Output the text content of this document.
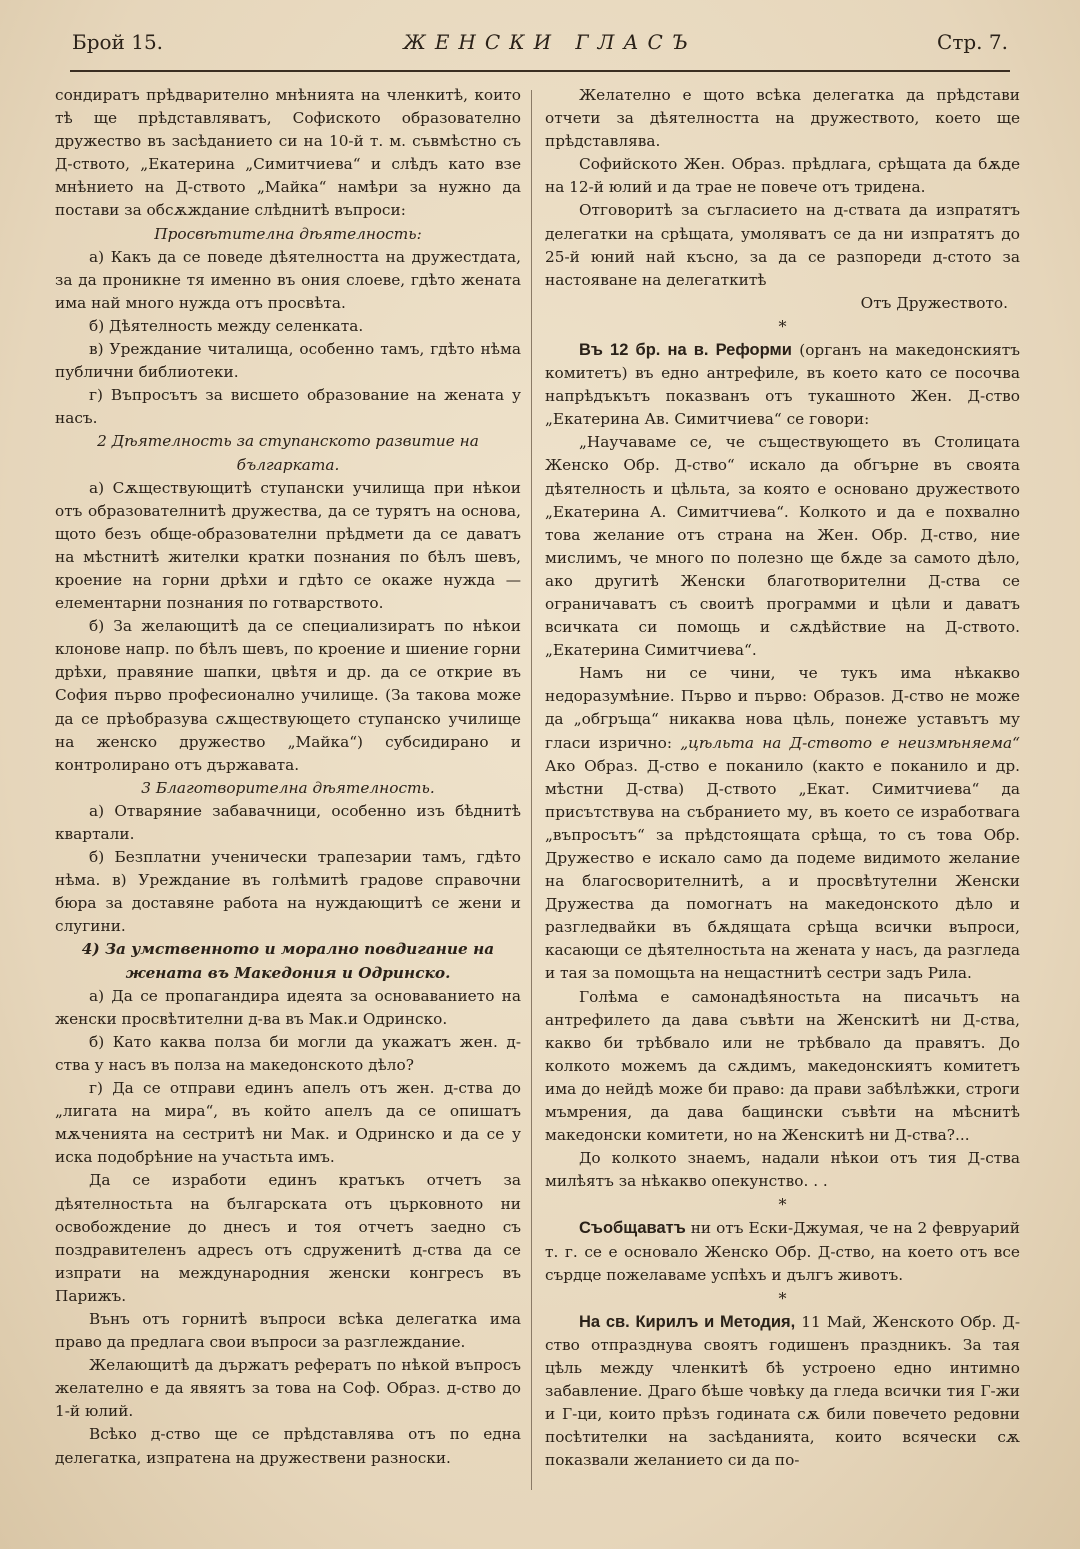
Брой 15.	ЖЕНСКИ ГЛАСЪ	Стр. 7.

сондиратъ прѣдварително мнѣнията на членкитѣ, които тѣ ще прѣдставляватъ, Софиското образователно дружество въ засѣданието си на 10-й т. м. съвмѣстно съ Д-ството, „Екатерина „Симитчиева“ и слѣдъ като взе мнѣнието на Д-ството „Майка“ намѣри за нужно да постави за обсѫждание слѣднитѣ въпроси:

Просвѣтителна дѣятелность:

а) Какъ да се поведе дѣятелността на дружестдата, за да проникне тя именно въ ония слоеве, гдѣто жената има най много нужда отъ просвѣта.

б) Дѣятелность между селенката.

в) Уреждание читалища, особенно тамъ, гдѣто нѣма публични библиотеки.

г) Въпросътъ за висшето образование на жената у насъ.

2 Дѣятелность за ступанското развитие на българката.

а) Сѫществующитѣ ступански училища при нѣкои отъ образователнитѣ дружества, да се турятъ на основа, щото безъ обще-образователни прѣдмети да се даватъ на мѣстнитѣ жителки кратки познания по бѣлъ шевъ, кроение на горни дрѣхи и гдѣто се окаже нужда — елементарни познания по готварството.

б) За желающитѣ да се специализиратъ по нѣкои клонове напр. по бѣлъ шевъ, по кроение и шиение горни дрѣхи, правяние шапки, цвѣтя и др. да се открие въ София първо професионално училище. (За такова може да се прѣобразува сѫществующето ступанско училище на женско дружество „Майка“) субсидирано и контролирано отъ държавата.

3 Благотворителна дѣятелность.

а) Отваряние забавачници, особенно изъ бѣднитѣ квартали.

б) Безплатни ученически трапезарии тамъ, гдѣто нѣма. в) Уреждание въ голѣмитѣ градове справочни бюра за доставяне работа на нуждающитѣ се жени и слугини.

4) За умственното и морално повдигание на жената въ Македония и Одринско.

а) Да се пропагандира идеята за основаванието на женски просвѣтителни д-ва въ Мак.и Одринско.

б) Като каква полза би могли да укажатъ жен. д-ства у насъ въ полза на македонското дѣло?

г) Да се отправи единъ апелъ отъ жен. д-ства до „лигата на мира“, въ който апелъ да се опишатъ мѫченията на сестритѣ ни Мак. и Одринско и да се у иска подобрѣние на участьта имъ.

Да се изработи единъ кратъкъ отчетъ за дѣятелностьта на българската отъ църковното ни освобождение до днесъ и тоя отчетъ заедно съ поздравителенъ адресъ отъ сдруженитѣ д-ства да се изпрати на международния женски конгресъ въ Парижъ.

Вънъ отъ горнитѣ въпроси всѣка делегатка има право да предлага свои въпроси за разглеждание.

Желающитѣ да държатъ рефератъ по нѣкой въпросъ желателно е да явяятъ за това на Соф. Образ. д-ство до 1-й юлий.

Всѣко д-ство ще се прѣдставлява отъ по една делегатка, изпратена на дружествени разноски.

Желателно е щото всѣка делегатка да прѣдстави отчети за дѣятелността на дружеството, което ще прѣдставлява.

Софийското Жен. Образ. прѣдлага, срѣщата да бѫде на 12-й юлий и да трае не повече отъ тридена.

Отговоритѣ за съгласието на д-ствата да изпратятъ делегатки на срѣщата, умоляватъ се да ни изпратятъ до 25-й юний най късно, за да се разпореди д-стото за настояване на делегаткитѣ

Отъ Дружеството.

*

Въ 12 бр. на в. Реформи (органъ на македонскиятъ комитетъ) въ едно антрефиле, въ което като се посочва напрѣдъкътъ показванъ отъ тукашното Жен. Д-ство „Екатерина Ав. Симитчиева“ се говори:

„Научаваме се, че съществующето въ Столицата Женско Обр. Д-ство“ искало да обгърне въ своята дѣятелность и цѣльта, за която е основано дружеството „Екатерина А. Симитчиева“. Колкото и да е похвално това желание отъ страна на Жен. Обр. Д-ство, ние мислимъ, че много по полезно ще бѫде за самото дѣло, ако другитѣ Женски благотворителни Д-ства се ограничаватъ съ своитѣ программи и цѣли и даватъ всичката си помощь и сѫдѣйствие на Д-ството. „Екатерина Симитчиева“.

Намъ ни се чини, че тукъ има нѣкакво недоразумѣние. Първо и първо: Образов. Д-ство не може да „обгръща“ никаква нова цѣль, понеже уставътъ му гласи изрично: „цѣльта на Д-ството е неизмѣняема“ Ако Образ. Д-ство е поканило (както е поканило и др. мѣстни Д-ства) Д-ството „Екат. Симитчиева“ да присътствува на събранието му, въ което се изработвага „въпросътъ“ за прѣдстоящата срѣща, то съ това Обр. Дружество е искало само да подеме видимото желание на благосворителнитѣ, а и просвѣтутелни Женски Дружества да помогнатъ на македонското дѣло и разгледвайки въ бѫдящата срѣща всички въпроси, касающи се дѣятелностьта на жената у насъ, да разгледа и тая за помощьта на нещастнитѣ сестри задъ Рила.

Голѣма е самонадѣяностьта на писачьтъ на антрефилето да дава съвѣти на Женскитѣ ни Д-ства, какво би трѣбвало или не трѣбвало да правятъ. До колкото можемъ да сѫдимъ, македонскиятъ комитетъ има до нейдѣ може би право: да прави забѣлѣжки, строги мъмрения, да дава бащински съвѣти на мѣснитѣ македонски комитети, но на Женскитѣ ни Д-ства?...

До колкото знаемъ, надали нѣкои отъ тия Д-ства милѣятъ за нѣкакво опекунство. . .

*

Съобщаватъ ни отъ Ески-Джумая, че на 2 февруарий т. г. се е основало Женско Обр. Д-ство, на което отъ все сърдце пожелаваме успѣхъ и дългъ животъ.

*

На св. Кирилъ и Методия, 11 Май, Женското Обр. Д-ство отпразднува своятъ годишенъ праздникъ. За тая цѣль между членкитѣ бѣ устроено едно интимно забавление. Драго бѣше човѣку да гледа всички тия Г-жи и Г-ци, които прѣзъ годината сѫ били повечето редовни посѣтителки на засѣданията, които всячески сѫ показвали желанието си да по-
